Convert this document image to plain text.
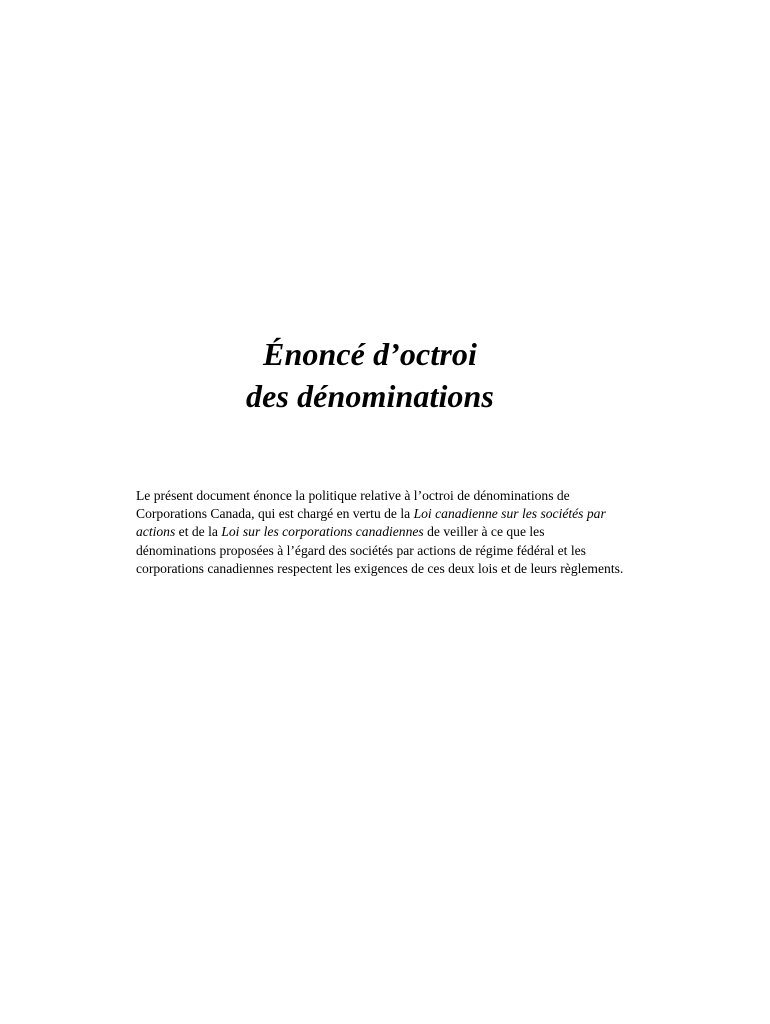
Énoncé d’octroi
des dénominations

Le présent document énonce la politique relative à l’octroi de dénominations de Corporations Canada, qui est chargé en vertu de la Loi canadienne sur les sociétés par actions et de la Loi sur les corporations canadiennes de veiller à ce que les dénominations proposées à l’égard des sociétés par actions de régime fédéral et les corporations canadiennes respectent les exigences de ces deux lois et de leurs règlements.
